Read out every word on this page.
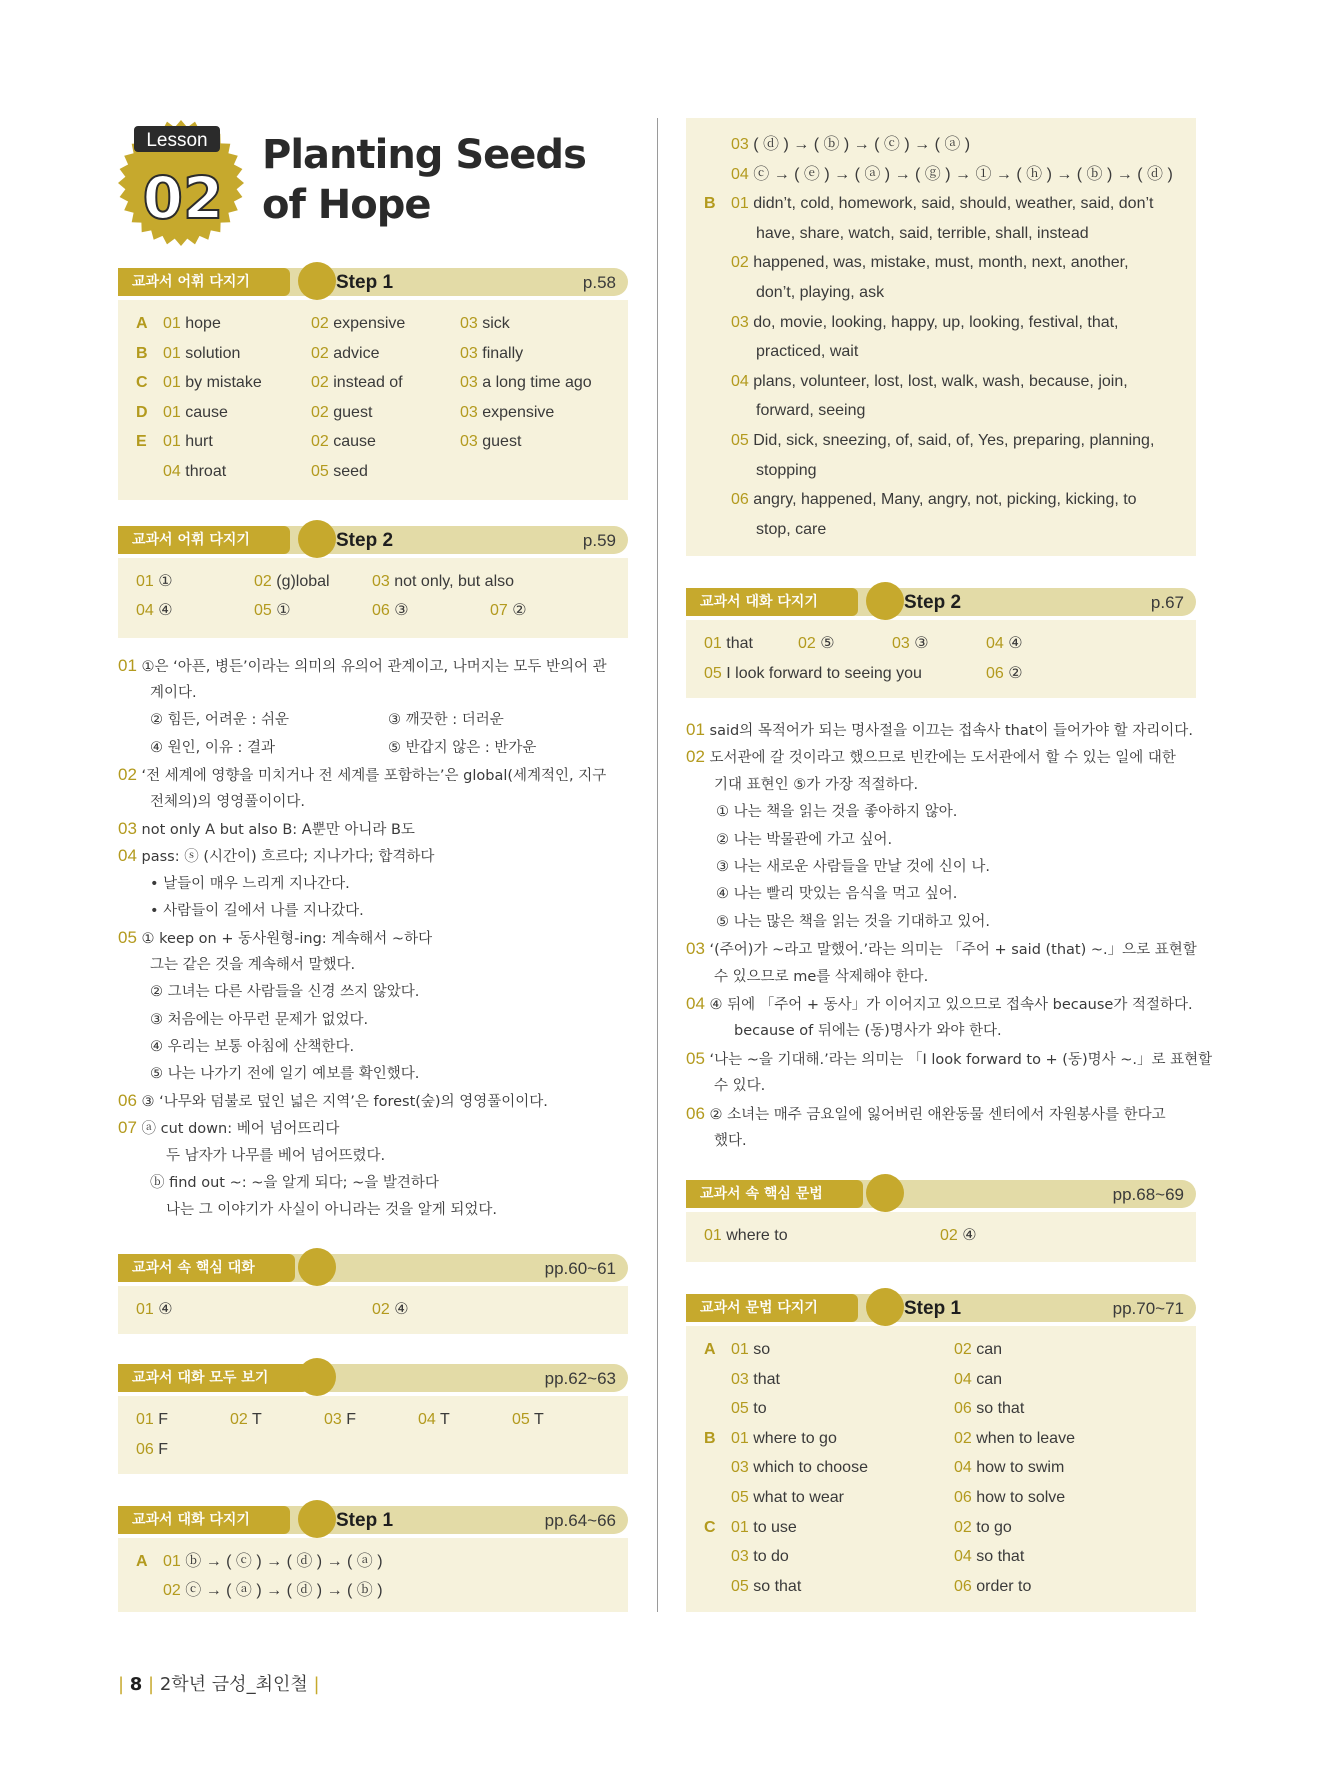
Lesson
02
Planting Seeds
of Hope
교과서 어휘 다지기	Step 1	p.58
교과서 어휘 다지기	Step 2	p.59
교과서 속 핵심 대화	pp.60~61
교과서 대화 모두 보기	pp.62~63
교과서 대화 다지기	Step 1	pp.64~66
교과서 대화 다지기	Step 2	p.67
교과서 속 핵심 문법	pp.68~69
교과서 문법 다지기	Step 1	pp.70~71
| 8 | 2학년 금성_최인철 |
A 01 hope	02 expensive	03 sick
B 01 solution	02 advice	03 finally
C 01 by mistake	02 instead of	03 a long time ago
D 01 cause	02 guest	03 expensive
E 01 hurt	02 cause	03 guest
04 throat	05 seed
01 ①	02 (g)lobal	03 not only, but also
04 ④	05 ①	06 ③	07 ②
01 ①은 ‘아픈, 병든’이라는 의미의 유의어 관계이고, 나머지는 모두 반의어 관
계이다.
② 힘든, 어려운 : 쉬운	③ 깨끗한 : 더러운
④ 원인, 이유 : 결과	⑤ 반갑지 않은 : 반가운
02 ‘전 세계에 영향을 미치거나 전 세계를 포함하는’은 global(세계적인, 지구
전체의)의 영영풀이이다.
03 not only A but also B: A뿐만 아니라 B도
04 pass: ⓢ (시간이) 흐르다; 지나가다; 합격하다
• 날들이 매우 느리게 지나간다.
• 사람들이 길에서 나를 지나갔다.
05 ① keep on + 동사원형-ing: 계속해서 ~하다
그는 같은 것을 계속해서 말했다.
② 그녀는 다른 사람들을 신경 쓰지 않았다.
③ 처음에는 아무런 문제가 없었다.
④ 우리는 보통 아침에 산책한다.
⑤ 나는 나가기 전에 일기 예보를 확인했다.
06 ③ ‘나무와 덤불로 덮인 넓은 지역’은 forest(숲)의 영영풀이이다.
07 ⓐ cut down: 베어 넘어뜨리다
두 남자가 나무를 베어 넘어뜨렸다.
ⓑ find out ~: ~을 알게 되다; ~을 발견하다
나는 그 이야기가 사실이 아니라는 것을 알게 되었다.
01 ④	02 ④
01 F	02 T	03 F	04 T	05 T
06 F
A 01 ⓑ → ( ⓒ ) → ( ⓓ ) → ( ⓐ )
02 ⓒ → ( ⓐ ) → ( ⓓ ) → ( ⓑ )
03 ( ⓓ ) → ( ⓑ ) → ( ⓒ ) → ( ⓐ )
04 ⓒ → ( ⓔ ) → ( ⓐ ) → ( ⓖ ) → ① → ( ⓗ ) → ( ⓑ ) → ( ⓓ )
B 01 didn’t, cold, homework, said, should, weather, said, don’t
have, share, watch, said, terrible, shall, instead
02 happened, was, mistake, must, month, next, another,
don’t, playing, ask
03 do, movie, looking, happy, up, looking, festival, that,
practiced, wait
04 plans, volunteer, lost, lost, walk, wash, because, join,
forward, seeing
05 Did, sick, sneezing, of, said, of, Yes, preparing, planning,
stopping
06 angry, happened, Many, angry, not, picking, kicking, to
stop, care
01 that	02 ⑤	03 ③	04 ④
05 I look forward to seeing you	06 ②
01 said의 목적어가 되는 명사절을 이끄는 접속사 that이 들어가야 할 자리이다.
02 도서관에 갈 것이라고 했으므로 빈칸에는 도서관에서 할 수 있는 일에 대한
기대 표현인 ⑤가 가장 적절하다.
① 나는 책을 읽는 것을 좋아하지 않아.
② 나는 박물관에 가고 싶어.
③ 나는 새로운 사람들을 만날 것에 신이 나.
④ 나는 빨리 맛있는 음식을 먹고 싶어.
⑤ 나는 많은 책을 읽는 것을 기대하고 있어.
03 ‘(주어)가 ~라고 말했어.’라는 의미는 「주어 + said (that) ~.」으로 표현할
수 있으므로 me를 삭제해야 한다.
04 ④ 뒤에 「주어 + 동사」가 이어지고 있으므로 접속사 because가 적절하다.
because of 뒤에는 (동)명사가 와야 한다.
05 ‘나는 ~을 기대해.’라는 의미는 「I look forward to + (동)명사 ~.」로 표현할
수 있다.
06 ② 소녀는 매주 금요일에 잃어버린 애완동물 센터에서 자원봉사를 한다고
했다.
01 where to	02 ④
A 01 so	02 can
03 that	04 can
05 to	06 so that
B 01 where to go	02 when to leave
03 which to choose	04 how to swim
05 what to wear	06 how to solve
C 01 to use	02 to go
03 to do	04 so that
05 so that	06 order to
